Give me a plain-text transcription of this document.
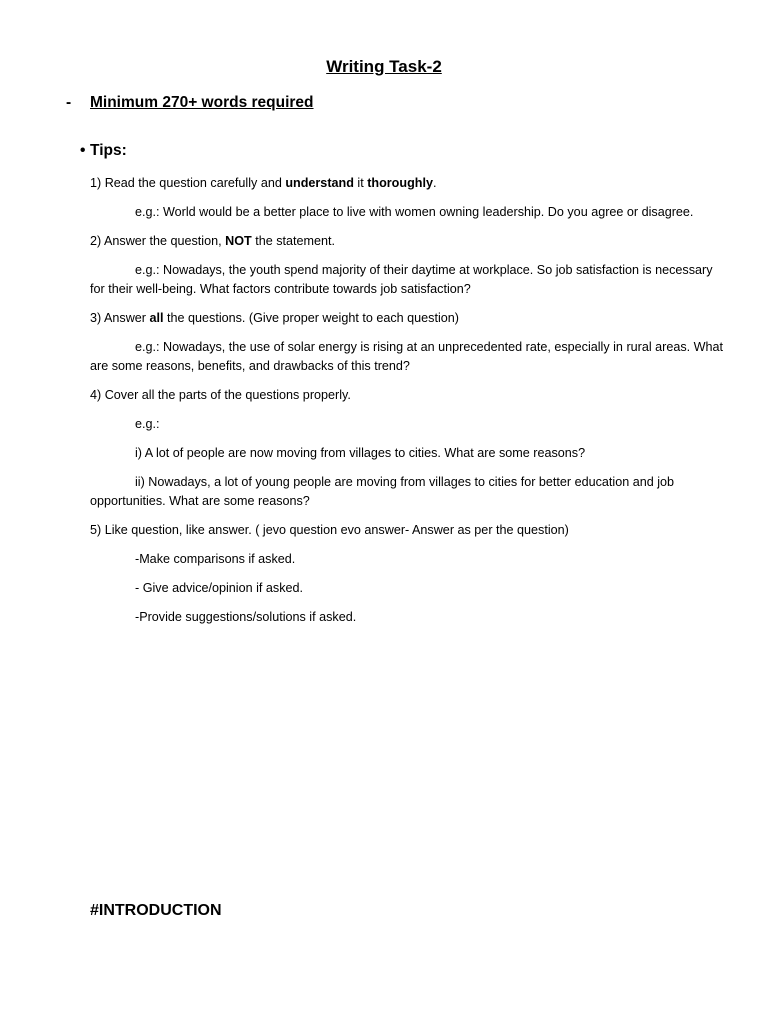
Writing Task-2

- Minimum 270+ words required

• Tips:

1) Read the question carefully and understand it thoroughly.

e.g.: World would be a better place to live with women owning leadership. Do you agree or disagree.

2) Answer the question, NOT the statement.

e.g.: Nowadays, the youth spend majority of their daytime at workplace. So job satisfaction is necessary for their well-being. What factors contribute towards job satisfaction?

3) Answer all the questions. (Give proper weight to each question)

e.g.: Nowadays, the use of solar energy is rising at an unprecedented rate, especially in rural areas. What are some reasons, benefits, and drawbacks of this trend?

4) Cover all the parts of the questions properly.

e.g.:

i) A lot of people are now moving from villages to cities. What are some reasons?

ii) Nowadays, a lot of young people are moving from villages to cities for better education and job opportunities. What are some reasons?

5) Like question, like answer. ( jevo question evo answer- Answer as per the question)

-Make comparisons if asked.

- Give advice/opinion if asked.

-Provide suggestions/solutions if asked.

#INTRODUCTION
